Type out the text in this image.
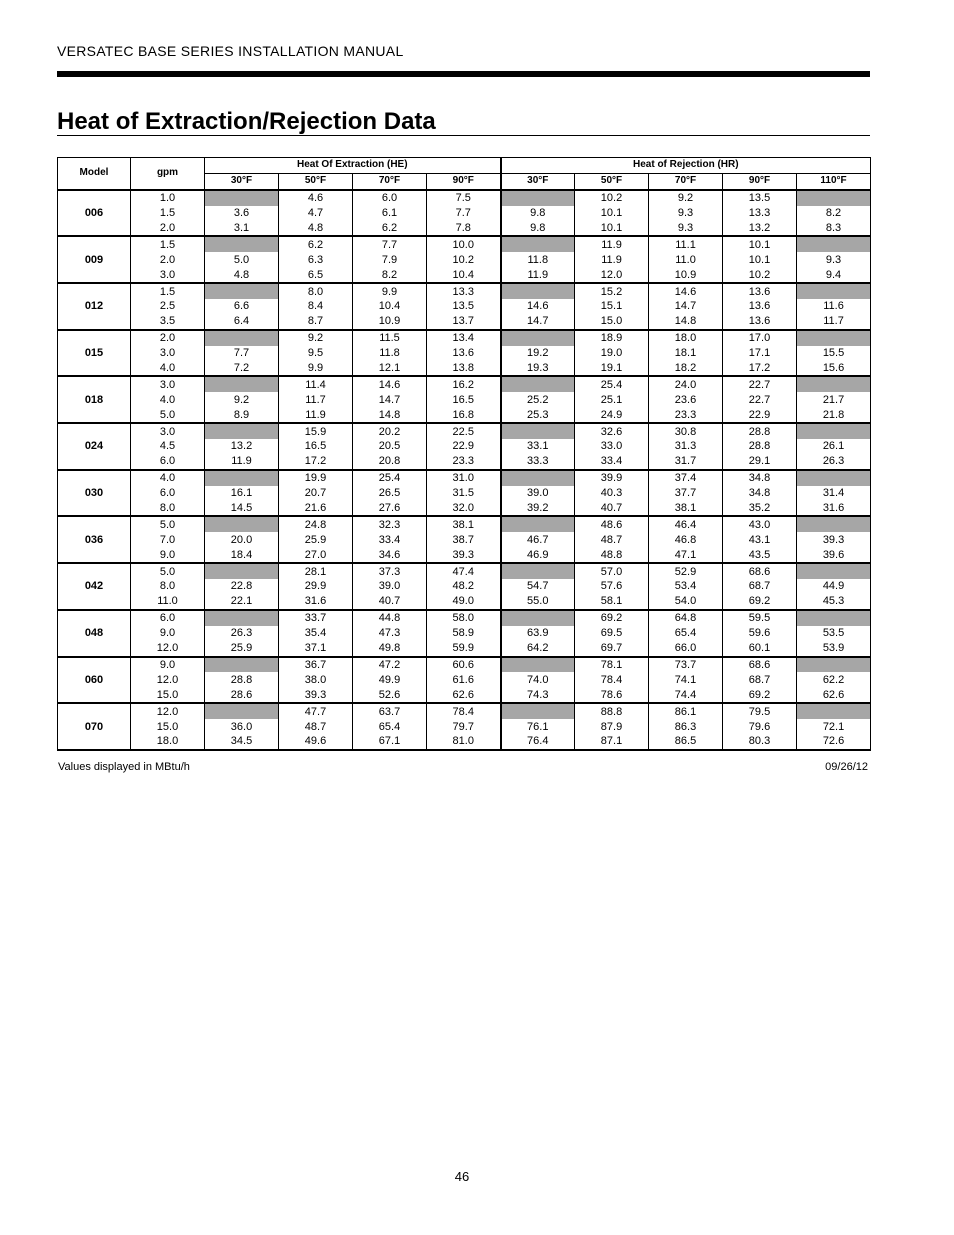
VERSATEC BASE SERIES INSTALLATION MANUAL
Heat of Extraction/Rejection Data
Model	gpm	Heat Of Extraction (HE)				Heat of Rejection (HR)				
		30°F	50°F	70°F	90°F	30°F	50°F	70°F	90°F	110°F
006	1.0		4.6	6.0	7.5		10.2	9.2	13.5	
	1.5	3.6	4.7	6.1	7.7	9.8	10.1	9.3	13.3	8.2
	2.0	3.1	4.8	6.2	7.8	9.8	10.1	9.3	13.2	8.3
009	1.5		6.2	7.7	10.0		11.9	11.1	10.1	
	2.0	5.0	6.3	7.9	10.2	11.8	11.9	11.0	10.1	9.3
	3.0	4.8	6.5	8.2	10.4	11.9	12.0	10.9	10.2	9.4
012	1.5		8.0	9.9	13.3		15.2	14.6	13.6	
	2.5	6.6	8.4	10.4	13.5	14.6	15.1	14.7	13.6	11.6
	3.5	6.4	8.7	10.9	13.7	14.7	15.0	14.8	13.6	11.7
015	2.0		9.2	11.5	13.4		18.9	18.0	17.0	
	3.0	7.7	9.5	11.8	13.6	19.2	19.0	18.1	17.1	15.5
	4.0	7.2	9.9	12.1	13.8	19.3	19.1	18.2	17.2	15.6
018	3.0		11.4	14.6	16.2		25.4	24.0	22.7	
	4.0	9.2	11.7	14.7	16.5	25.2	25.1	23.6	22.7	21.7
	5.0	8.9	11.9	14.8	16.8	25.3	24.9	23.3	22.9	21.8
024	3.0		15.9	20.2	22.5		32.6	30.8	28.8	
	4.5	13.2	16.5	20.5	22.9	33.1	33.0	31.3	28.8	26.1
	6.0	11.9	17.2	20.8	23.3	33.3	33.4	31.7	29.1	26.3
030	4.0		19.9	25.4	31.0		39.9	37.4	34.8	
	6.0	16.1	20.7	26.5	31.5	39.0	40.3	37.7	34.8	31.4
	8.0	14.5	21.6	27.6	32.0	39.2	40.7	38.1	35.2	31.6
036	5.0		24.8	32.3	38.1		48.6	46.4	43.0	
	7.0	20.0	25.9	33.4	38.7	46.7	48.7	46.8	43.1	39.3
	9.0	18.4	27.0	34.6	39.3	46.9	48.8	47.1	43.5	39.6
042	5.0		28.1	37.3	47.4		57.0	52.9	68.6	
	8.0	22.8	29.9	39.0	48.2	54.7	57.6	53.4	68.7	44.9
	11.0	22.1	31.6	40.7	49.0	55.0	58.1	54.0	69.2	45.3
048	6.0		33.7	44.8	58.0		69.2	64.8	59.5	
	9.0	26.3	35.4	47.3	58.9	63.9	69.5	65.4	59.6	53.5
	12.0	25.9	37.1	49.8	59.9	64.2	69.7	66.0	60.1	53.9
060	9.0		36.7	47.2	60.6		78.1	73.7	68.6	
	12.0	28.8	38.0	49.9	61.6	74.0	78.4	74.1	68.7	62.2
	15.0	28.6	39.3	52.6	62.6	74.3	78.6	74.4	69.2	62.6
070	12.0		47.7	63.7	78.4		88.8	86.1	79.5	
	15.0	36.0	48.7	65.4	79.7	76.1	87.9	86.3	79.6	72.1
	18.0	34.5	49.6	67.1	81.0	76.4	87.1	86.5	80.3	72.6
Values displayed in MBtu/h	09/26/12
46
